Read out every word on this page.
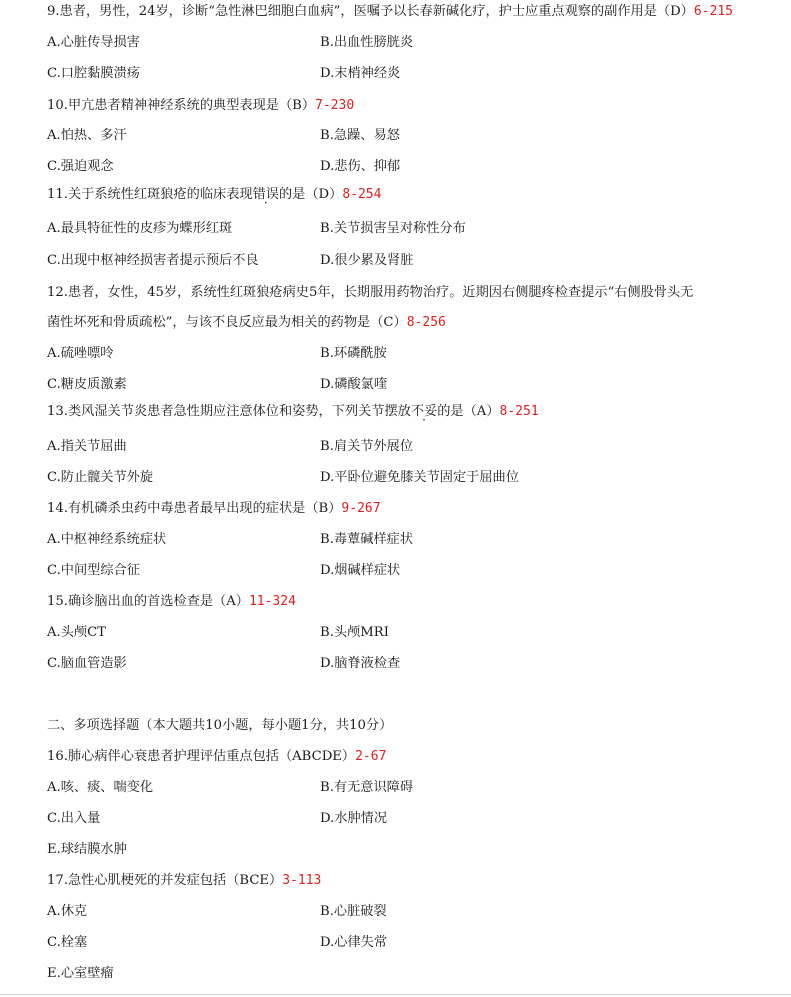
9.患者，男性，24岁，诊断“急性淋巴细胞白血病”，医嘱予以长春新碱化疗，护士应重点观察的副作用是（D）6-215
A.心脏传导损害	B.出血性膀胱炎
C.口腔黏膜溃疡	D.末梢神经炎
10.甲亢患者精神神经系统的典型表现是（B）7-230
A.怕热、多汗	B.急躁、易怒
C.强迫观念	D.悲伤、抑郁
11.关于系统性红斑狼疮的临床表现错误的是（D）8-254
A.最具特征性的皮疹为蝶形红斑	B.关节损害呈对称性分布
C.出现中枢神经损害者提示预后不良	D.很少累及肾脏
12.患者，女性，45岁，系统性红斑狼疮病史5年，长期服用药物治疗。近期因右侧腿疼检查提示“右侧股骨头无
菌性坏死和骨质疏松”，与该不良反应最为相关的药物是（C）8-256
A.硫唑嘌呤	B.环磷酰胺
C.糖皮质激素	D.磷酸氯喹
13.类风湿关节炎患者急性期应注意体位和姿势，下列关节摆放不妥的是（A）8-251
A.指关节屈曲	B.肩关节外展位
C.防止髋关节外旋	D.平卧位避免膝关节固定于屈曲位
14.有机磷杀虫药中毒患者最早出现的症状是（B）9-267
A.中枢神经系统症状	B.毒蕈碱样症状
C.中间型综合征	D.烟碱样症状
15.确诊脑出血的首选检查是（A）11-324
A.头颅CT	B.头颅MRI
C.脑血管造影	D.脑脊液检查
二、多项选择题（本大题共10小题，每小题1分，共10分）
16.肺心病伴心衰患者护理评估重点包括（ABCDE）2-67
A.咳、痰、喘变化	B.有无意识障碍
C.出入量	D.水肿情况
E.球结膜水肿
17.急性心肌梗死的并发症包括（BCE）3-113
A.休克	B.心脏破裂
C.栓塞	D.心律失常
E.心室壁瘤
